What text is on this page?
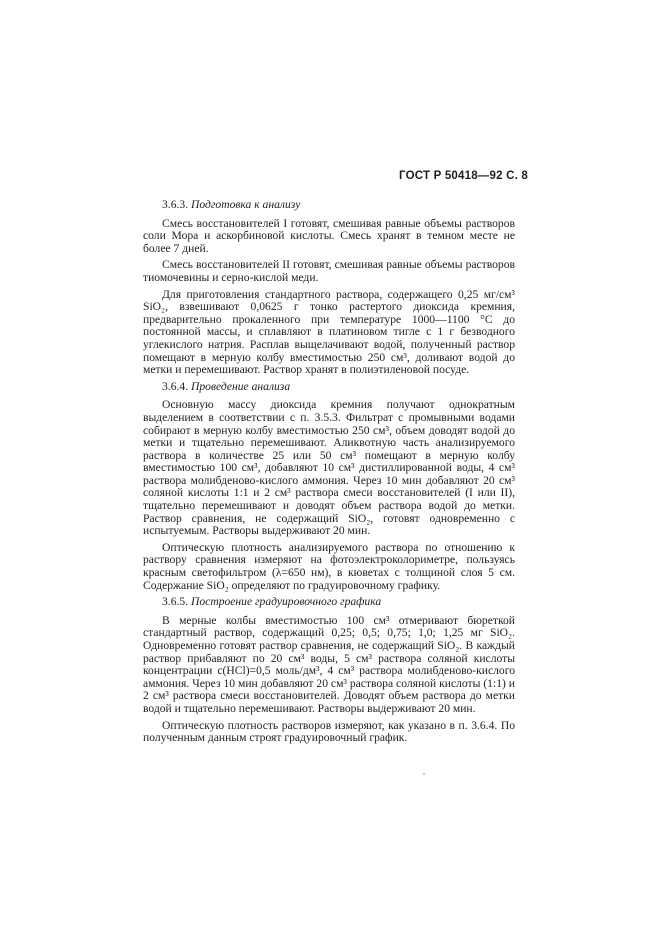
ГОСТ Р 50418—92 С. 8
3.6.3. Подготовка к анализу

Смесь восстановителей I готовят, смешивая равные объемы растворов соли Мора и аскорбиновой кислоты. Смесь хранят в темном месте не более 7 дней.

Смесь восстановителей II готовят, смешивая равные объемы растворов тиомочевины и серно-кислой меди.

Для приготовления стандартного раствора, содержащего 0,25 мг/см³ SiO₂, взвешивают 0,0625 г тонко растертого диоксида кремния, предварительно прокаленного при температуре 1000—1100 °C до постоянной массы, и сплавляют в платиновом тигле с 1 г безводного углекислого натрия. Расплав выщелачивают водой, полученный раствор помещают в мерную колбу вместимостью 250 см³, доливают водой до метки и перемешивают. Раствор хранят в полиэтиленовой посуде.

3.6.4. Проведение анализа

Основную массу диоксида кремния получают однократным выделением в соответствии с п. 3.5.3. Фильтрат с промывными водами собирают в мерную колбу вместимостью 250 см³, объем доводят водой до метки и тщательно перемешивают. Аликвотную часть анализируемого раствора в количестве 25 или 50 см³ помещают в мерную колбу вместимостью 100 см³, добавляют 10 см³ дистиллированной воды, 4 см³ раствора молибденово-кислого аммония. Через 10 мин добавляют 20 см³ соляной кислоты 1:1 и 2 см³ раствора смеси восстановителей (I или II), тщательно перемешивают и доводят объем раствора водой до метки. Раствор сравнения, не содержащий SiO₂, готовят одновременно с испытуемым. Растворы выдерживают 20 мин.

Оптическую плотность анализируемого раствора по отношению к раствору сравнения измеряют на фотоэлектроколориметре, пользуясь красным светофильтром (λ=650 нм), в кюветах с толщиной слоя 5 см. Содержание SiO₂ определяют по градуировочному графику.

3.6.5. Построение градуировочного графика

В мерные колбы вместимостью 100 см³ отмеривают бюреткой стандартный раствор, содержащий 0,25; 0,5; 0,75; 1,0; 1,25 мг SiO₂. Одновременно готовят раствор сравнения, не содержащий SiO₂. В каждый раствор прибавляют по 20 см³ воды, 5 см³ раствора соляной кислоты концентрации c(HCl)=0,5 моль/дм³, 4 см³ раствора молибденово-кислого аммония. Через 10 мин добавляют 20 см³ раствора соляной кислоты (1:1) и 2 см³ раствора смеси восстановителей. Доводят объем раствора до метки водой и тщательно перемешивают. Растворы выдерживают 20 мин.

Оптическую плотность растворов измеряют, как указано в п. 3.6.4. По полученным данным строят градуировочный график.
